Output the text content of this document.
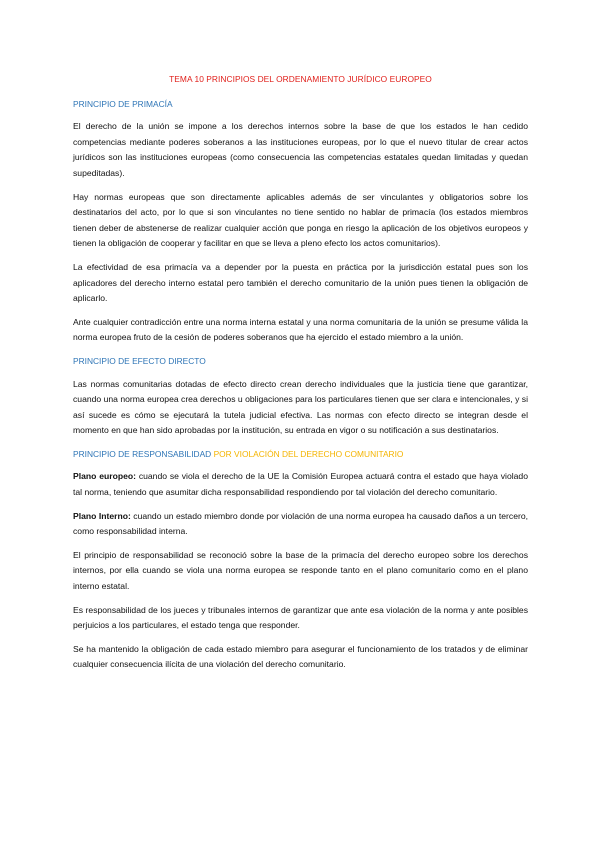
TEMA 10 PRINCIPIOS DEL ORDENAMIENTO JURÍDICO EUROPEO
PRINCIPIO DE PRIMACÍA

El derecho de la unión se impone a los derechos internos sobre la base de que los estados le han cedido competencias mediante poderes soberanos a las instituciones europeas, por lo que el nuevo titular de crear actos jurídicos son las instituciones europeas (como consecuencia las competencias estatales quedan limitadas y quedan supeditadas).

Hay normas europeas que son directamente aplicables además de ser vinculantes y obligatorios sobre los destinatarios del acto, por lo que si son vinculantes no tiene sentido no hablar de primacía (los estados miembros tienen deber de abstenerse de realizar cualquier acción que ponga en riesgo la aplicación de los objetivos europeos y tienen la obligación de cooperar y facilitar en que se lleva a pleno efecto los actos comunitarios).

La efectividad de esa primacía va a depender por la puesta en práctica por la jurisdicción estatal pues son los aplicadores del derecho interno estatal pero también el derecho comunitario de la unión pues tienen la obligación de aplicarlo.

Ante cualquier contradicción entre una norma interna estatal y una norma comunitaria de la unión se presume válida la norma europea fruto de la cesión de poderes soberanos que ha ejercido el estado miembro a la unión.

PRINCIPIO DE EFECTO DIRECTO

Las normas comunitarias dotadas de efecto directo crean derecho individuales que la justicia tiene que garantizar, cuando una norma europea crea derechos u obligaciones para los particulares tienen que ser clara e intencionales, y si así sucede es cómo se ejecutará la tutela judicial efectiva. Las normas con efecto directo se integran desde el momento en que han sido aprobadas por la institución, su entrada en vigor o su notificación a sus destinatarios.

PRINCIPIO DE RESPONSABILIDAD POR VIOLACIÓN DEL DERECHO COMUNITARIO

Plano europeo: cuando se viola el derecho de la UE la Comisión Europea actuará contra el estado que haya violado tal norma, teniendo que asumitar dicha responsabilidad respondiendo por tal violación del derecho comunitario.

Plano Interno: cuando un estado miembro donde por violación de una norma europea ha causado daños a un tercero, como responsabilidad interna.

El principio de responsabilidad se reconoció sobre la base de la primacía del derecho europeo sobre los derechos internos, por ella cuando se viola una norma europea se responde tanto en el plano comunitario como en el plano interno estatal.

Es responsabilidad de los jueces y tribunales internos de garantizar que ante esa violación de la norma y ante posibles perjuicios a los particulares, el estado tenga que responder.

Se ha mantenido la obligación de cada estado miembro para asegurar el funcionamiento de los tratados y de eliminar cualquier consecuencia ilícita de una violación del derecho comunitario.
